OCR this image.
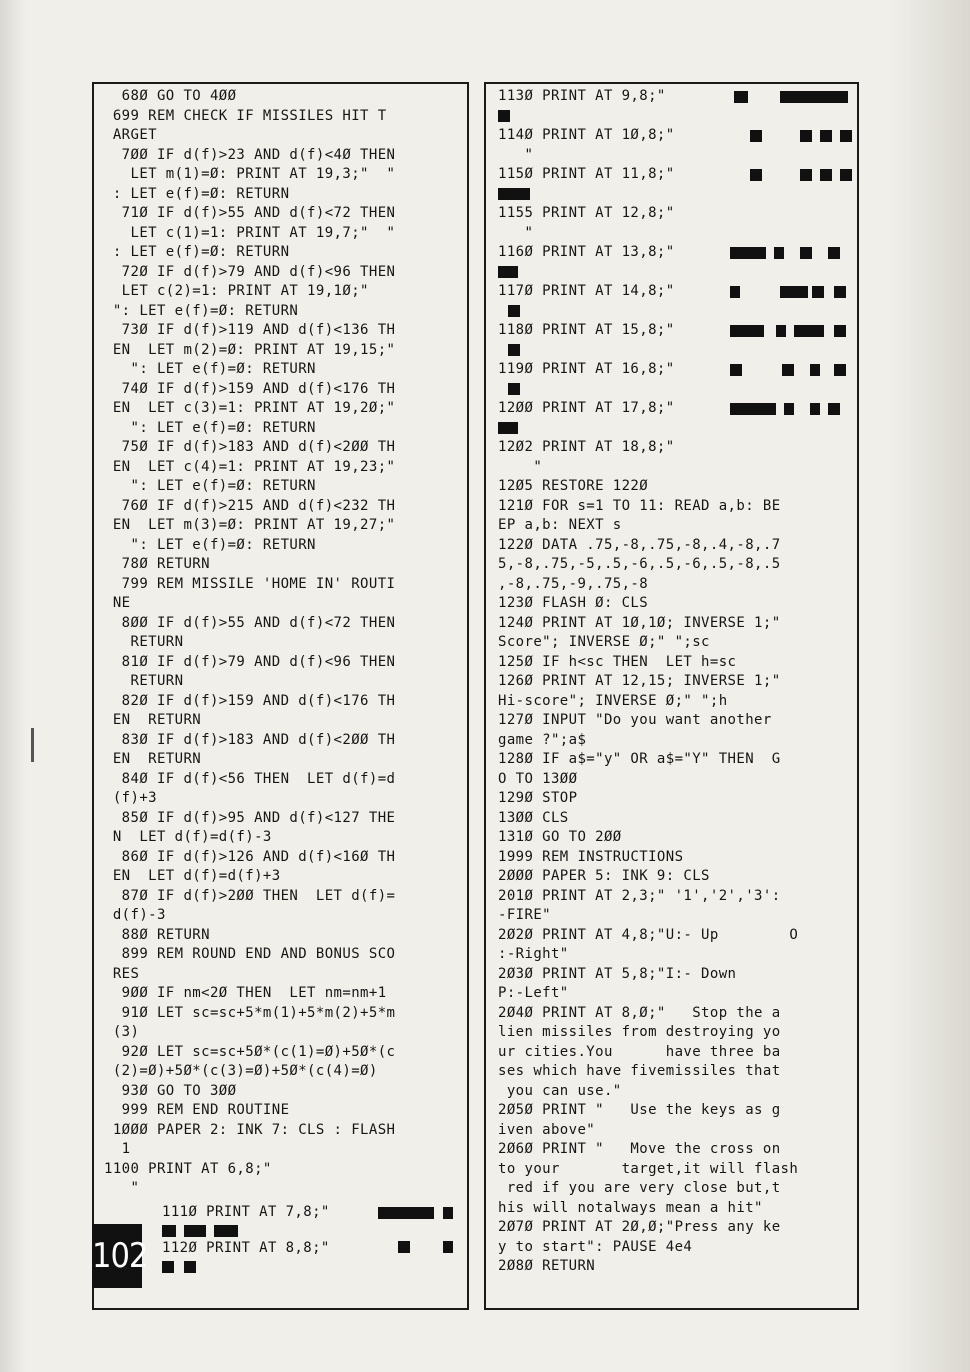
68Ø GO TO 4ØØ
699 REM CHECK IF MISSILES HIT T
ARGET
7ØØ IF d(f)>23 AND d(f)<4Ø THEN
LET m(1)=Ø: PRINT AT 19,3;"  "
: LET e(f)=Ø: RETURN
71Ø IF d(f)>55 AND d(f)<72 THEN
LET c(1)=1: PRINT AT 19,7;"  "
: LET e(f)=Ø: RETURN
72Ø IF d(f)>79 AND d(f)<96 THEN
LET c(2)=1: PRINT AT 19,1Ø;"
": LET e(f)=Ø: RETURN
73Ø IF d(f)>119 AND d(f)<136 TH
EN  LET m(2)=Ø: PRINT AT 19,15;"
": LET e(f)=Ø: RETURN
74Ø IF d(f)>159 AND d(f)<176 TH
EN  LET c(3)=1: PRINT AT 19,2Ø;"
": LET e(f)=Ø: RETURN
75Ø IF d(f)>183 AND d(f)<2ØØ TH
EN  LET c(4)=1: PRINT AT 19,23;"
": LET e(f)=Ø: RETURN
76Ø IF d(f)>215 AND d(f)<232 TH
EN  LET m(3)=Ø: PRINT AT 19,27;"
": LET e(f)=Ø: RETURN
78Ø RETURN
799 REM MISSILE 'HOME IN' ROUTI
NE
8ØØ IF d(f)>55 AND d(f)<72 THEN
RETURN
81Ø IF d(f)>79 AND d(f)<96 THEN
RETURN
82Ø IF d(f)>159 AND d(f)<176 TH
EN  RETURN
83Ø IF d(f)>183 AND d(f)<2ØØ TH
EN  RETURN
84Ø IF d(f)<56 THEN  LET d(f)=d
(f)+3
85Ø IF d(f)>95 AND d(f)<127 THE
N  LET d(f)=d(f)-3
86Ø IF d(f)>126 AND d(f)<16Ø TH
EN  LET d(f)=d(f)+3
87Ø IF d(f)>2ØØ THEN  LET d(f)=
d(f)-3
88Ø RETURN
899 REM ROUND END AND BONUS SCO
RES
9ØØ IF nm<2Ø THEN  LET nm=nm+1
91Ø LET sc=sc+5*m(1)+5*m(2)+5*m
(3)
92Ø LET sc=sc+5Ø*(c(1)=Ø)+5Ø*(c
(2)=Ø)+5Ø*(c(3)=Ø)+5Ø*(c(4)=Ø)
93Ø GO TO 3ØØ
999 REM END ROUTINE
1ØØØ PAPER 2: INK 7: CLS : FLASH
1
1100 PRINT AT 6,8;"
"
111Ø PRINT AT 7,8;"
112Ø PRINT AT 8,8;"
113Ø PRINT AT 9,8;"
114Ø PRINT AT 1Ø,8;"
"
115Ø PRINT AT 11,8;"
1155 PRINT AT 12,8;"
"
116Ø PRINT AT 13,8;"
117Ø PRINT AT 14,8;"
118Ø PRINT AT 15,8;"
119Ø PRINT AT 16,8;"
12ØØ PRINT AT 17,8;"
12Ø2 PRINT AT 18,8;"
"
12Ø5 RESTORE 122Ø
121Ø FOR s=1 TO 11: READ a,b: BE
EP a,b: NEXT s
122Ø DATA .75,-8,.75,-8,.4,-8,.7
5,-8,.75,-5,.5,-6,.5,-6,.5,-8,.5
,-8,.75,-9,.75,-8
123Ø FLASH Ø: CLS
124Ø PRINT AT 1Ø,1Ø; INVERSE 1;"
Score"; INVERSE Ø;" ";sc
125Ø IF h<sc THEN  LET h=sc
126Ø PRINT AT 12,15; INVERSE 1;"
Hi-score"; INVERSE Ø;" ";h
127Ø INPUT "Do you want another
game ?";a$
128Ø IF a$="y" OR a$="Y" THEN  G
O TO 13ØØ
129Ø STOP
13ØØ CLS
131Ø GO TO 2ØØ
1999 REM INSTRUCTIONS
2ØØØ PAPER 5: INK 9: CLS
201Ø PRINT AT 2,3;" '1','2','3':
-FIRE"
2Ø2Ø PRINT AT 4,8;"U:- Up        O
:-Right"
2Ø3Ø PRINT AT 5,8;"I:- Down
P:-Left"
2Ø4Ø PRINT AT 8,Ø;"   Stop the a
lien missiles from destroying yo
ur cities.You      have three ba
ses which have fivemissiles that
you can use."
2Ø5Ø PRINT "   Use the keys as g
iven above"
2Ø6Ø PRINT "   Move the cross on
to your       target,it will flash
red if you are very close but,t
his will notalways mean a hit"
2Ø7Ø PRINT AT 2Ø,Ø;"Press any ke
y to start": PAUSE 4e4
2Ø8Ø RETURN
102
